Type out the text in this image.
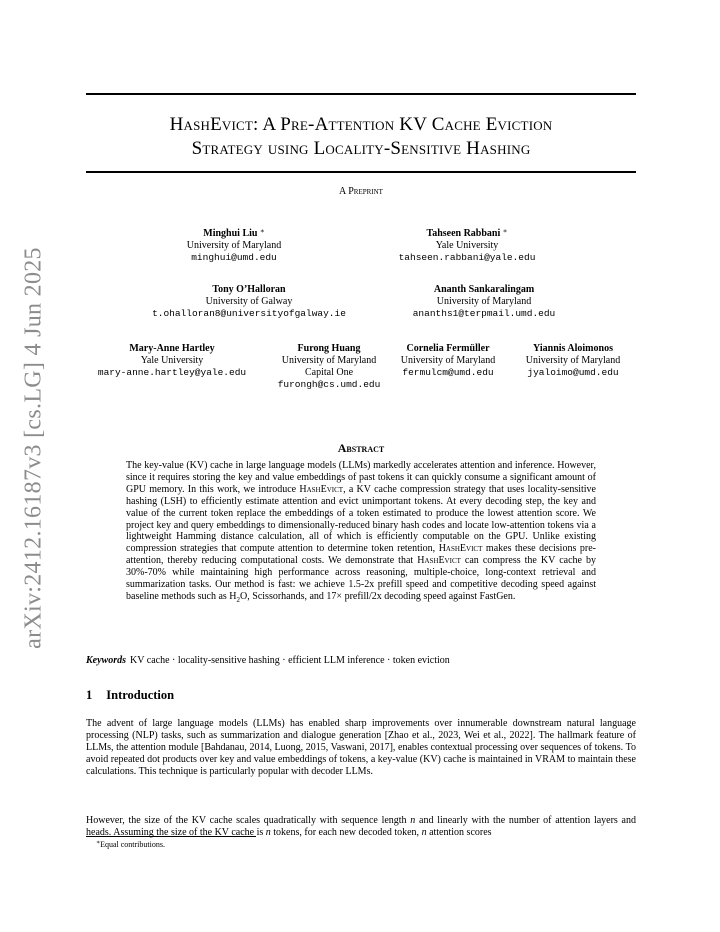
arXiv:2412.16187v3 [cs.LG] 4 Jun 2025
HashEvict: A Pre-Attention KV Cache Eviction
Strategy using Locality-Sensitive Hashing
A Preprint
Minghui Liu ∗
University of Maryland
minghui@umd.edu
Tahseen Rabbani ∗
Yale University
tahseen.rabbani@yale.edu
Tony O’Halloran
University of Galway
t.ohalloran8@universityofgalway.ie
Ananth Sankaralingam
University of Maryland
ananths1@terpmail.umd.edu
Mary-Anne Hartley
Yale University
mary-anne.hartley@yale.edu
Furong Huang
University of Maryland
Capital One
furongh@cs.umd.edu
Cornelia Fermüller
University of Maryland
fermulcm@umd.edu
Yiannis Aloimonos
University of Maryland
jyaloimo@umd.edu
Abstract
The key-value (KV) cache in large language models (LLMs) markedly accelerates attention and inference. However, since it requires storing the key and value embeddings of past tokens it can quickly consume a significant amount of GPU memory. In this work, we introduce HashEvict, a KV cache compression strategy that uses locality-sensitive hashing (LSH) to efficiently estimate attention and evict unimportant tokens. At every decoding step, the key and value of the current token replace the embeddings of a token estimated to produce the lowest attention score. We project key and query embeddings to dimensionally-reduced binary hash codes and locate low-attention tokens via a lightweight Hamming distance calculation, all of which is efficiently computable on the GPU. Unlike existing compression strategies that compute attention to determine token retention, HashEvict makes these decisions pre-attention, thereby reducing computational costs. We demonstrate that HashEvict can compress the KV cache by 30%-70% while maintaining high performance across reasoning, multiple-choice, long-context retrieval and summarization tasks. Our method is fast: we achieve 1.5-2x prefill speed and competitive decoding speed against baseline methods such as $H_2O$, Scissorhands, and 17× prefill/2x decoding speed against FastGen.
Keywords KV cache · locality-sensitive hashing · efficient LLM inference · token eviction
1 Introduction
The advent of large language models (LLMs) has enabled sharp improvements over innumerable downstream natural language processing (NLP) tasks, such as summarization and dialogue generation [Zhao et al., 2023, Wei et al., 2022]. The hallmark feature of LLMs, the attention module [Bahdanau, 2014, Luong, 2015, Vaswani, 2017], enables contextual processing over sequences of tokens. To avoid repeated dot products over key and value embeddings of tokens, a key-value (KV) cache is maintained in VRAM to maintain these calculations. This technique is particularly popular with decoder LLMs.
However, the size of the KV cache scales quadratically with sequence length n and linearly with the number of attention layers and heads. Assuming the size of the KV cache is n tokens, for each new decoded token, n attention scores
∗Equal contributions.
